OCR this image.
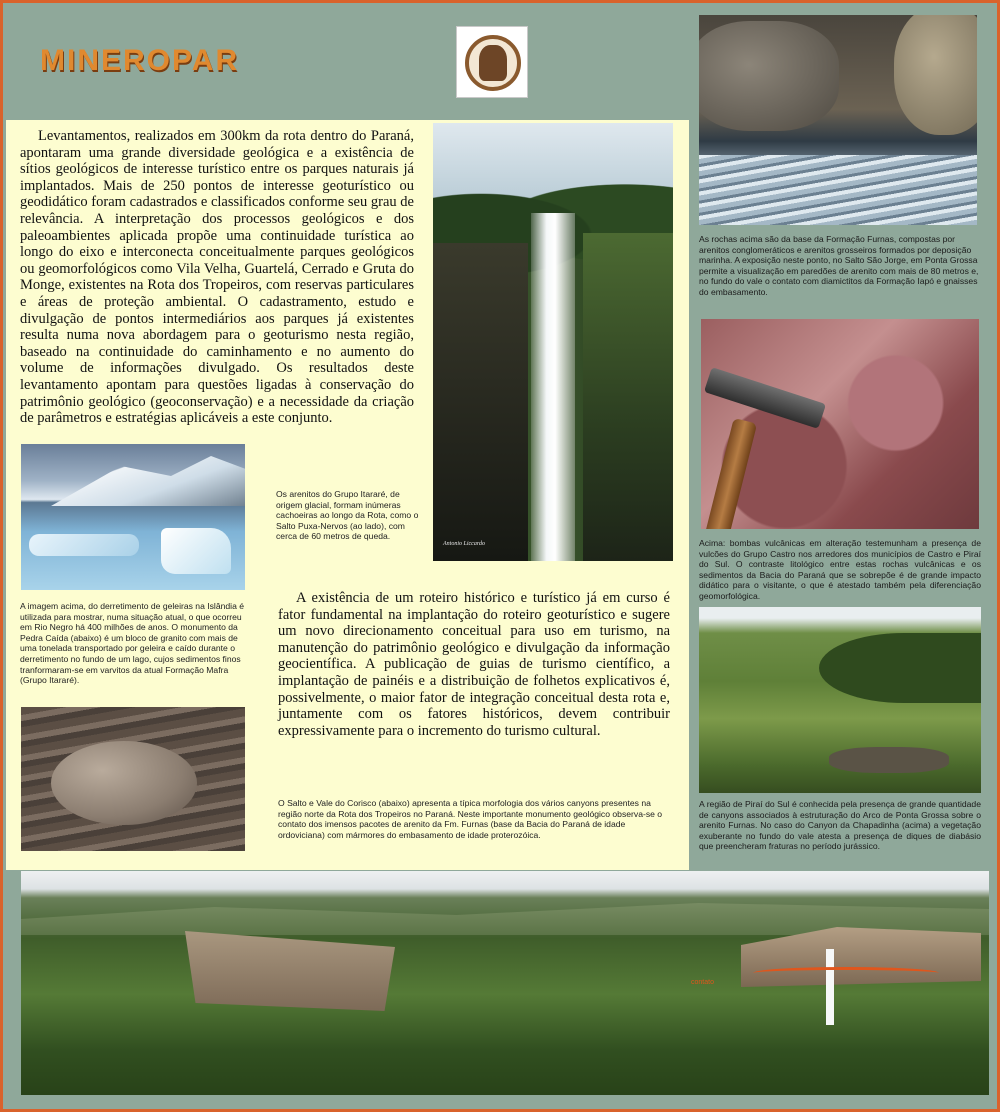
MINEROPAR

Levantamentos, realizados em 300km da rota dentro do Paraná, apontaram uma grande diversidade geológica e a existência de sítios geológicos de interesse turístico entre os parques naturais já implantados. Mais de 250 pontos de interesse geoturístico ou geodidático foram cadastrados e classificados conforme seu grau de relevância. A interpretação dos processos geológicos e dos paleoambientes aplicada propõe uma continuidade turística ao longo do eixo e interconecta conceitualmente parques geológicos ou geomorfológicos como Vila Velha, Guartelá, Cerrado e Gruta do Monge, existentes na Rota dos Tropeiros, com reservas particulares e áreas de proteção ambiental. O cadastramento, estudo e divulgação de pontos intermediários aos parques já existentes resulta numa nova abordagem para o geoturismo nesta região, baseado na continuidade do caminhamento e no aumento do volume de informações divulgado. Os resultados deste levantamento apontam para questões ligadas à conservação do patrimônio geológico (geoconservação) e a necessidade da criação de parâmetros e estratégias aplicáveis a este conjunto.

Os arenitos do Grupo Itararé, de origem glacial, formam inúmeras cachoeiras ao longo da Rota, como o Salto Puxa-Nervos (ao lado), com cerca de 60 metros de queda.

A imagem acima, do derretimento de geleiras na Islândia é utilizada para mostrar, numa situação atual, o que ocorreu em Rio Negro há 400 milhões de anos. O monumento da Pedra Caída (abaixo) é um bloco de granito com mais de uma tonelada transportado por geleira e caído durante o derretimento no fundo de um lago, cujos sedimentos finos tranformaram-se em varvitos da atual Formação Mafra (Grupo Itararé).

A existência de um roteiro histórico e turístico já em curso é fator fundamental na implantação do roteiro geoturístico e sugere um novo direcionamento conceitual para uso em turismo, na manutenção do patrimônio geológico e divulgação da informação geocientífica. A publicação de guias de turismo científico, a implantação de painéis e a distribuição de folhetos explicativos é, possivelmente, o maior fator de integração conceitual desta rota e, juntamente com os fatores históricos, devem contribuir expressivamente para o incremento do turismo cultural.

O Salto e Vale do Corisco (abaixo) apresenta a típica morfologia dos vários canyons presentes na região norte da Rota dos Tropeiros no Paraná. Neste importante monumento geológico observa-se o contato dos imensos pacotes de arenito da Fm. Furnas (base da Bacia do Paraná de idade ordoviciana) com mármores do embasamento de idade proterozóica.

Antonio Liccardo

As rochas acima são da base da Formação Furnas, compostas por arenitos conglomeráticos e arenitos grosseiros formados por deposição marinha. A exposição neste ponto, no Salto São Jorge, em Ponta Grossa permite a visualização em paredões de arenito com mais de 80 metros e, no fundo do vale o contato com diamictitos da Formação Iapó e gnaisses do embasamento.

Acima: bombas vulcânicas em alteração testemunham a presença de vulcões do Grupo Castro nos arredores dos municípios de Castro e Piraí do Sul. O contraste litológico entre estas rochas vulcânicas e os sedimentos da Bacia do Paraná que se sobrepõe é de grande impacto didático para o visitante, o que é atestado também pela diferenciação geomorfológica.

A região de Piraí do Sul é conhecida pela presença de grande quantidade de canyons associados à estruturação do Arco de Ponta Grossa sobre o arenito Furnas. No caso do Canyon da Chapadinha (acima) a vegetação exuberante no fundo do vale atesta a presença de diques de diabásio que preencheram fraturas no período jurássico.

contato
